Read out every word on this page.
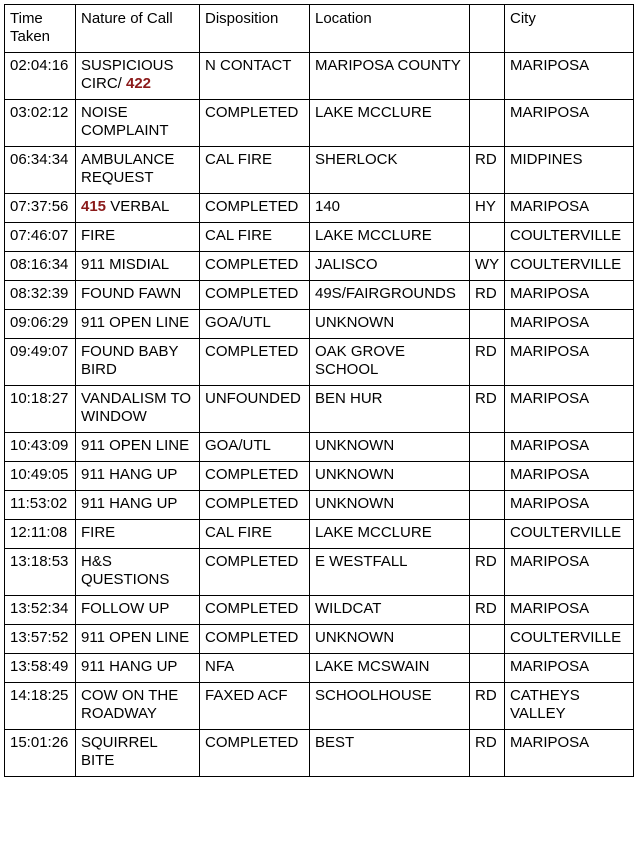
Time Taken	Nature of Call	Disposition	Location		City
02:04:16	SUSPICIOUS CIRC/ 422	N CONTACT	MARIPOSA COUNTY		MARIPOSA
03:02:12	NOISE COMPLAINT	COMPLETED	LAKE MCCLURE		MARIPOSA
06:34:34	AMBULANCE REQUEST	CAL FIRE	SHERLOCK	RD	MIDPINES
07:37:56	415 VERBAL	COMPLETED	140	HY	MARIPOSA
07:46:07	FIRE	CAL FIRE	LAKE MCCLURE		COULTERVILLE
08:16:34	911 MISDIAL	COMPLETED	JALISCO	WY	COULTERVILLE
08:32:39	FOUND FAWN	COMPLETED	49S/FAIRGROUNDS	RD	MARIPOSA
09:06:29	911 OPEN LINE	GOA/UTL	UNKNOWN		MARIPOSA
09:49:07	FOUND BABY BIRD	COMPLETED	OAK GROVE SCHOOL	RD	MARIPOSA
10:18:27	VANDALISM TO WINDOW	UNFOUNDED	BEN HUR	RD	MARIPOSA
10:43:09	911 OPEN LINE	GOA/UTL	UNKNOWN		MARIPOSA
10:49:05	911 HANG UP	COMPLETED	UNKNOWN		MARIPOSA
11:53:02	911 HANG UP	COMPLETED	UNKNOWN		MARIPOSA
12:11:08	FIRE	CAL FIRE	LAKE MCCLURE		COULTERVILLE
13:18:53	H&S QUESTIONS	COMPLETED	E WESTFALL	RD	MARIPOSA
13:52:34	FOLLOW UP	COMPLETED	WILDCAT	RD	MARIPOSA
13:57:52	911 OPEN LINE	COMPLETED	UNKNOWN		COULTERVILLE
13:58:49	911 HANG UP	NFA	LAKE MCSWAIN		MARIPOSA
14:18:25	COW ON THE ROADWAY	FAXED ACF	SCHOOLHOUSE	RD	CATHEYS VALLEY
15:01:26	SQUIRREL BITE	COMPLETED	BEST	RD	MARIPOSA
